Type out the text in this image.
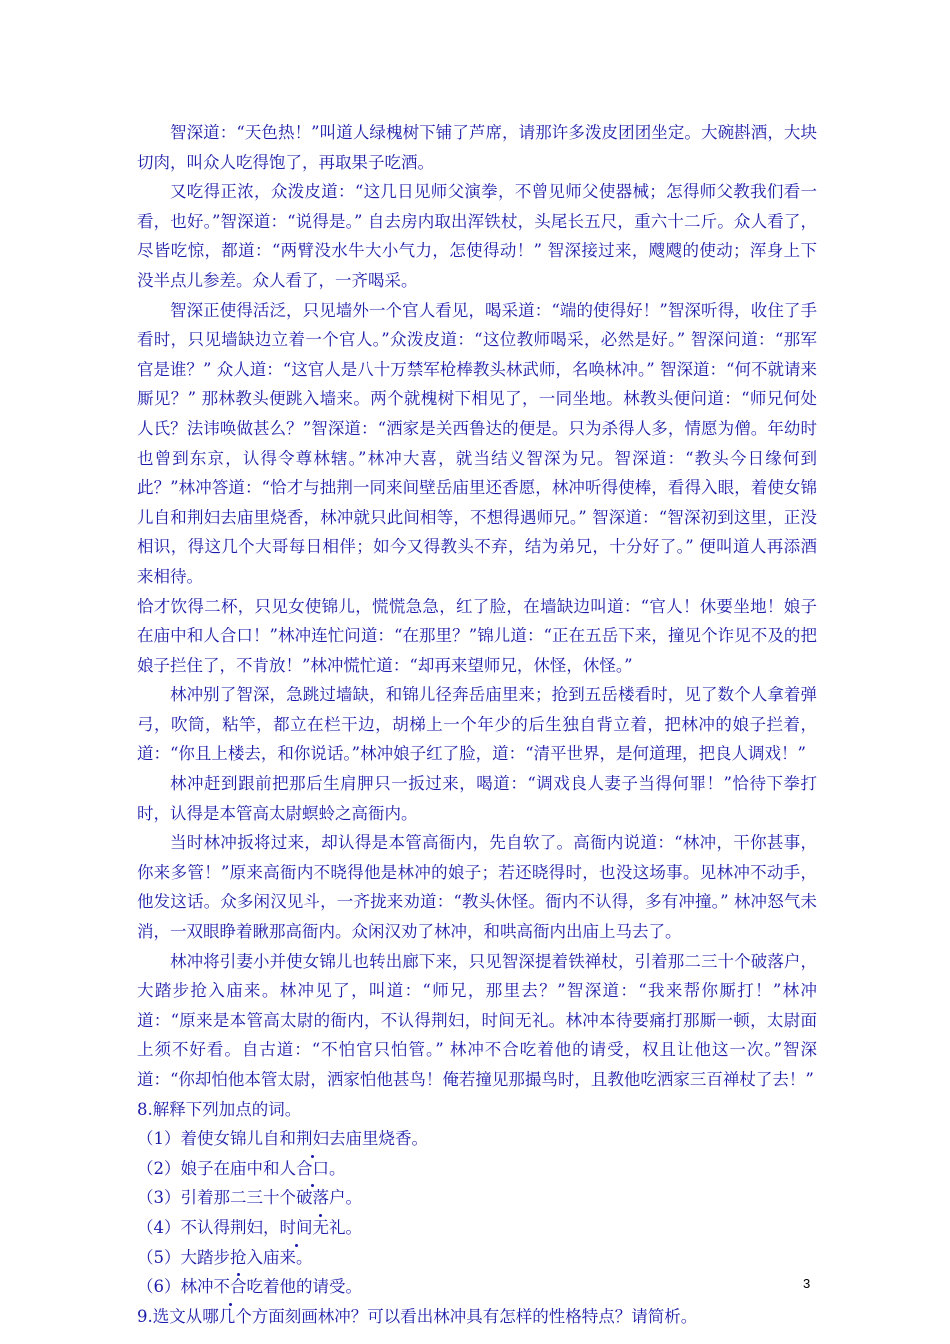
智深道：“天色热！”叫道人绿槐树下铺了芦席，请那许多泼皮团团坐定。大碗斟酒，大块切肉，叫众人吃得饱了，再取果子吃酒。

又吃得正浓，众泼皮道：“这几日见师父演拳，不曾见师父使器械；怎得师父教我们看一看，也好。”智深道：“说得是。” 自去房内取出浑铁杖，头尾长五尺，重六十二斤。众人看了，尽皆吃惊，都道：“两臂没水牛大小气力，怎使得动！” 智深接过来，飕飕的使动；浑身上下没半点儿参差。众人看了，一齐喝采。

智深正使得活泛，只见墙外一个官人看见，喝采道：“端的使得好！”智深听得，收住了手看时，只见墙缺边立着一个官人。”众泼皮道：“这位教师喝采，必然是好。” 智深问道：“那军官是谁？” 众人道：“这官人是八十万禁军枪棒教头林武师，名唤林冲。” 智深道：“何不就请来厮见？” 那林教头便跳入墙来。两个就槐树下相见了，一同坐地。林教头便问道：“师兄何处人氏？法讳唤做甚么？”智深道：“洒家是关西鲁达的便是。只为杀得人多，情愿为僧。年幼时也曾到东京，认得令尊林辖。”林冲大喜，就当结义智深为兄。智深道：“教头今日缘何到此？”林冲答道：“恰才与拙荆一同来间壁岳庙里还香愿，林冲听得使棒，看得入眼，着使女锦儿自和荆妇去庙里烧香，林冲就只此间相等，不想得遇师兄。” 智深道：“智深初到这里，正没相识，得这几个大哥每日相伴；如今又得教头不弃，结为弟兄，十分好了。” 便叫道人再添酒来相待。

恰才饮得二杯，只见女使锦儿，慌慌急急，红了脸，在墙缺边叫道：“官人！休要坐地！娘子在庙中和人合口！”林冲连忙问道：“在那里？”锦儿道：“正在五岳下来，撞见个诈见不及的把娘子拦住了，不肯放！”林冲慌忙道：“却再来望师兄，休怪，休怪。”

林冲别了智深，急跳过墙缺，和锦儿径奔岳庙里来；抢到五岳楼看时，见了数个人拿着弹弓，吹筒，粘竿，都立在栏干边，胡梯上一个年少的后生独自背立着，把林冲的娘子拦着，道：“你且上楼去，和你说话。”林冲娘子红了脸，道：“清平世界，是何道理，把良人调戏！”

林冲赶到跟前把那后生肩胛只一扳过来，喝道：“调戏良人妻子当得何罪！”恰待下拳打时，认得是本管高太尉螟蛉之高衙内。

当时林冲扳将过来，却认得是本管高衙内，先自软了。高衙内说道：“林冲，干你甚事，你来多管！”原来高衙内不晓得他是林冲的娘子；若还晓得时，也没这场事。见林冲不动手，他发这话。众多闲汉见斗，一齐拢来劝道：“教头休怪。衙内不认得，多有冲撞。” 林冲怒气未消，一双眼睁着瞅那高衙内。众闲汉劝了林冲，和哄高衙内出庙上马去了。

林冲将引妻小并使女锦儿也转出廊下来，只见智深提着铁禅杖，引着那二三十个破落户，大踏步抢入庙来。林冲见了，叫道：“师兄，那里去？”智深道：“我来帮你厮打！”林冲道：“原来是本管高太尉的衙内，不认得荆妇，时间无礼。林冲本待要痛打那厮一顿，太尉面上须不好看。自古道：“不怕官只怕管。” 林冲不合吃着他的请受，权且让他这一次。”智深道：“你却怕他本管太尉，洒家怕他甚鸟！俺若撞见那撮鸟时，且教他吃洒家三百禅杖了去！”

8.解释下列加点的词。

（1）着使女锦儿自和荆妇去庙里烧香。

（2）娘子在庙中和人合口。

（3）引着那二三十个破落户。

（4）不认得荆妇，时间无礼。

（5）大踏步抢入庙来。

（6）林冲不合吃着他的请受。

9.选文从哪几个方面刻画林冲？可以看出林冲具有怎样的性格特点？请简析。

3
